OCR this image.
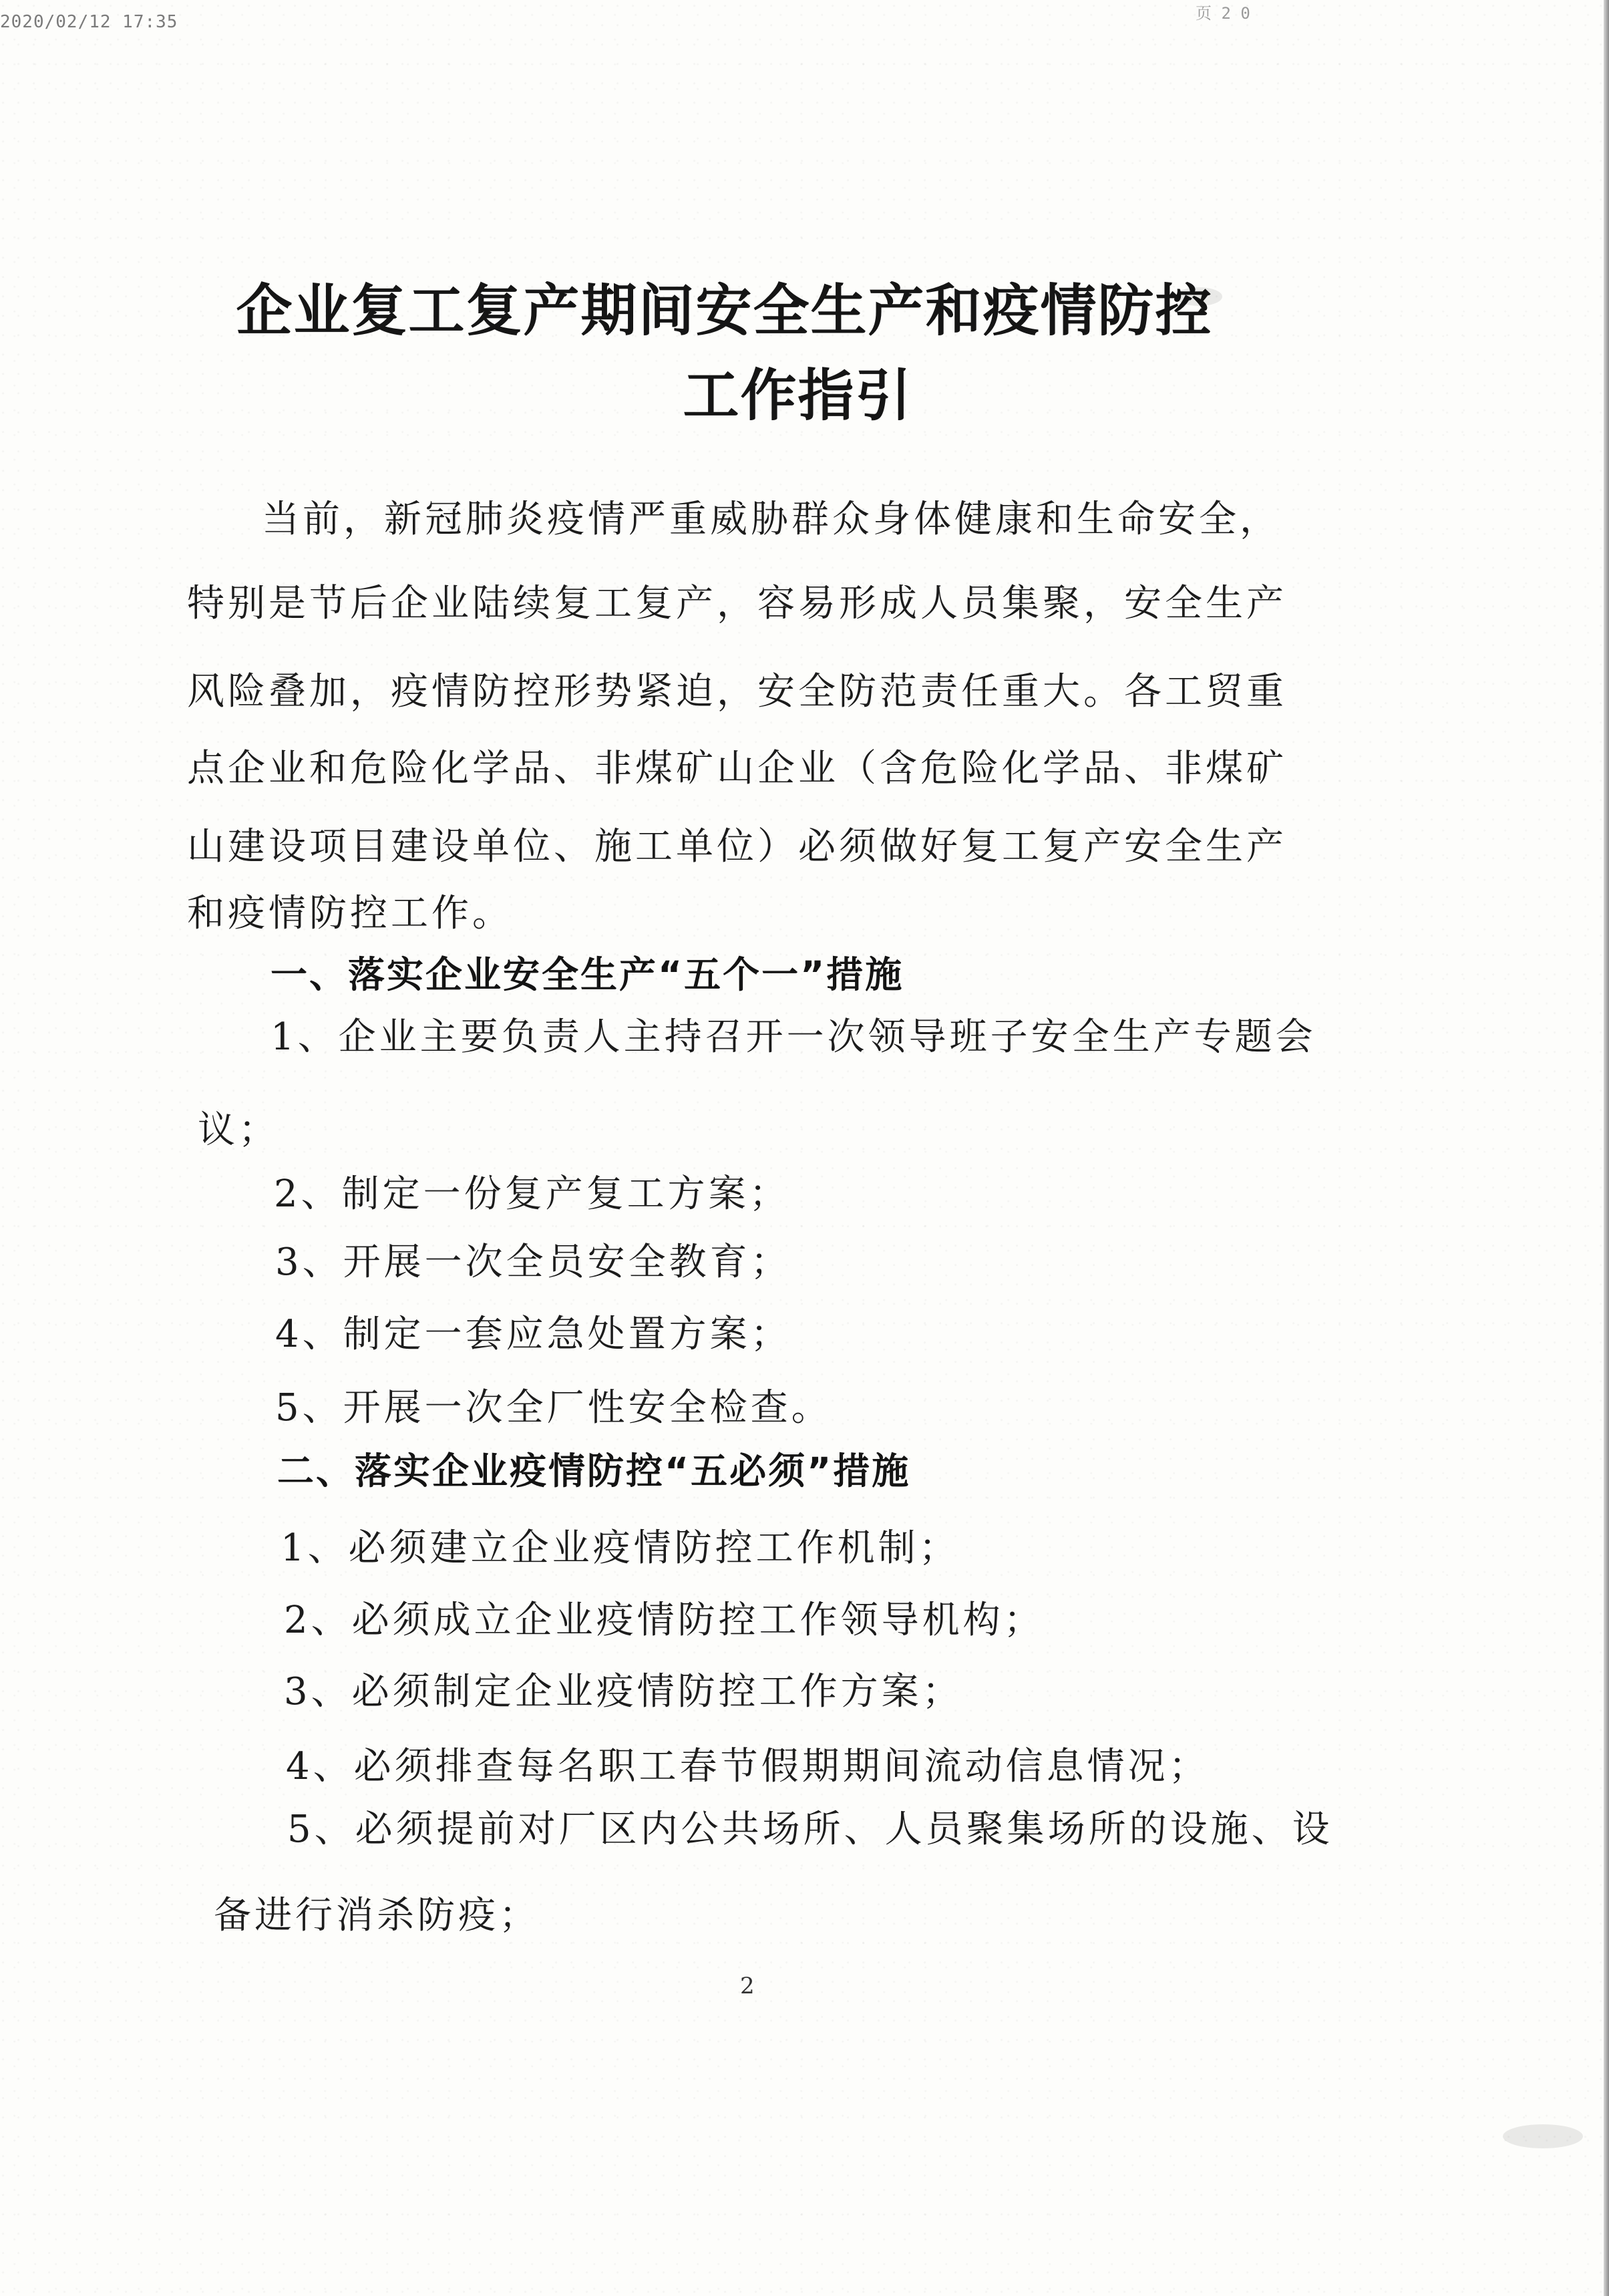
2020/02/12 17:35	页 2 0
企业复工复产期间安全生产和疫情防控
工作指引
当前，新冠肺炎疫情严重威胁群众身体健康和生命安全，
特别是节后企业陆续复工复产，容易形成人员集聚，安全生产
风险叠加，疫情防控形势紧迫，安全防范责任重大。各工贸重
点企业和危险化学品、非煤矿山企业（含危险化学品、非煤矿
山建设项目建设单位、施工单位）必须做好复工复产安全生产
和疫情防控工作。
一、落实企业安全生产“五个一”措施
1、企业主要负责人主持召开一次领导班子安全生产专题会
议；
2、制定一份复产复工方案；
3、开展一次全员安全教育；
4、制定一套应急处置方案；
5、开展一次全厂性安全检查。
二、落实企业疫情防控“五必须”措施
1、必须建立企业疫情防控工作机制；
2、必须成立企业疫情防控工作领导机构；
3、必须制定企业疫情防控工作方案；
4、必须排查每名职工春节假期期间流动信息情况；
5、必须提前对厂区内公共场所、人员聚集场所的设施、设
备进行消杀防疫；
2
